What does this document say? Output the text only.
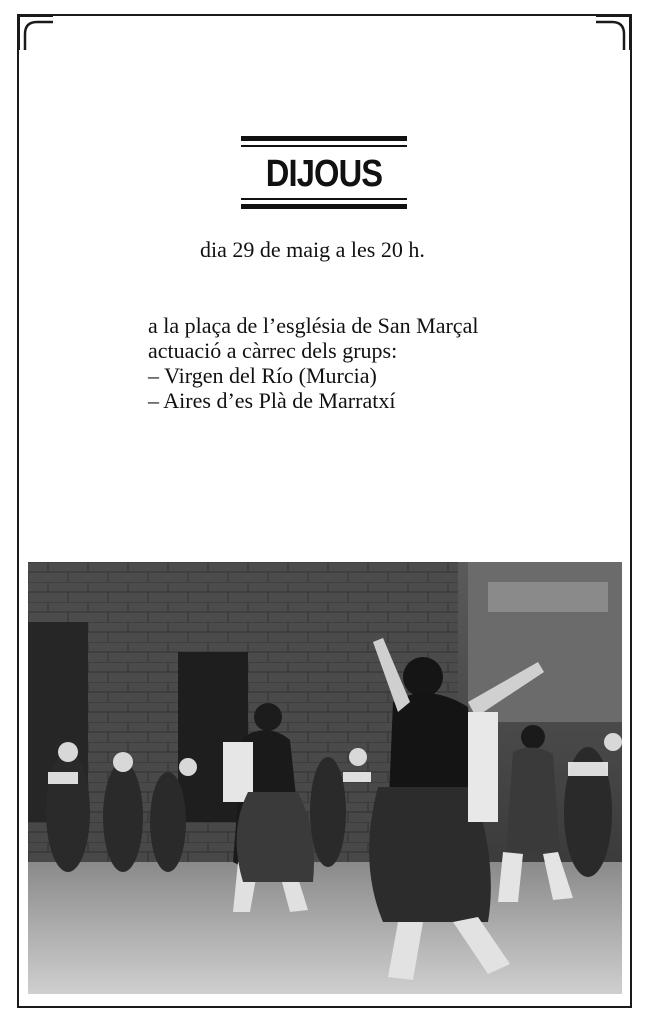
DIJOUS
dia 29 de maig a les 20 h.
a la plaça de l’església de San Marçal
actuació a càrrec dels grups:
– Virgen del Río (Murcia)
– Aires d’es Plà de Marratxí
